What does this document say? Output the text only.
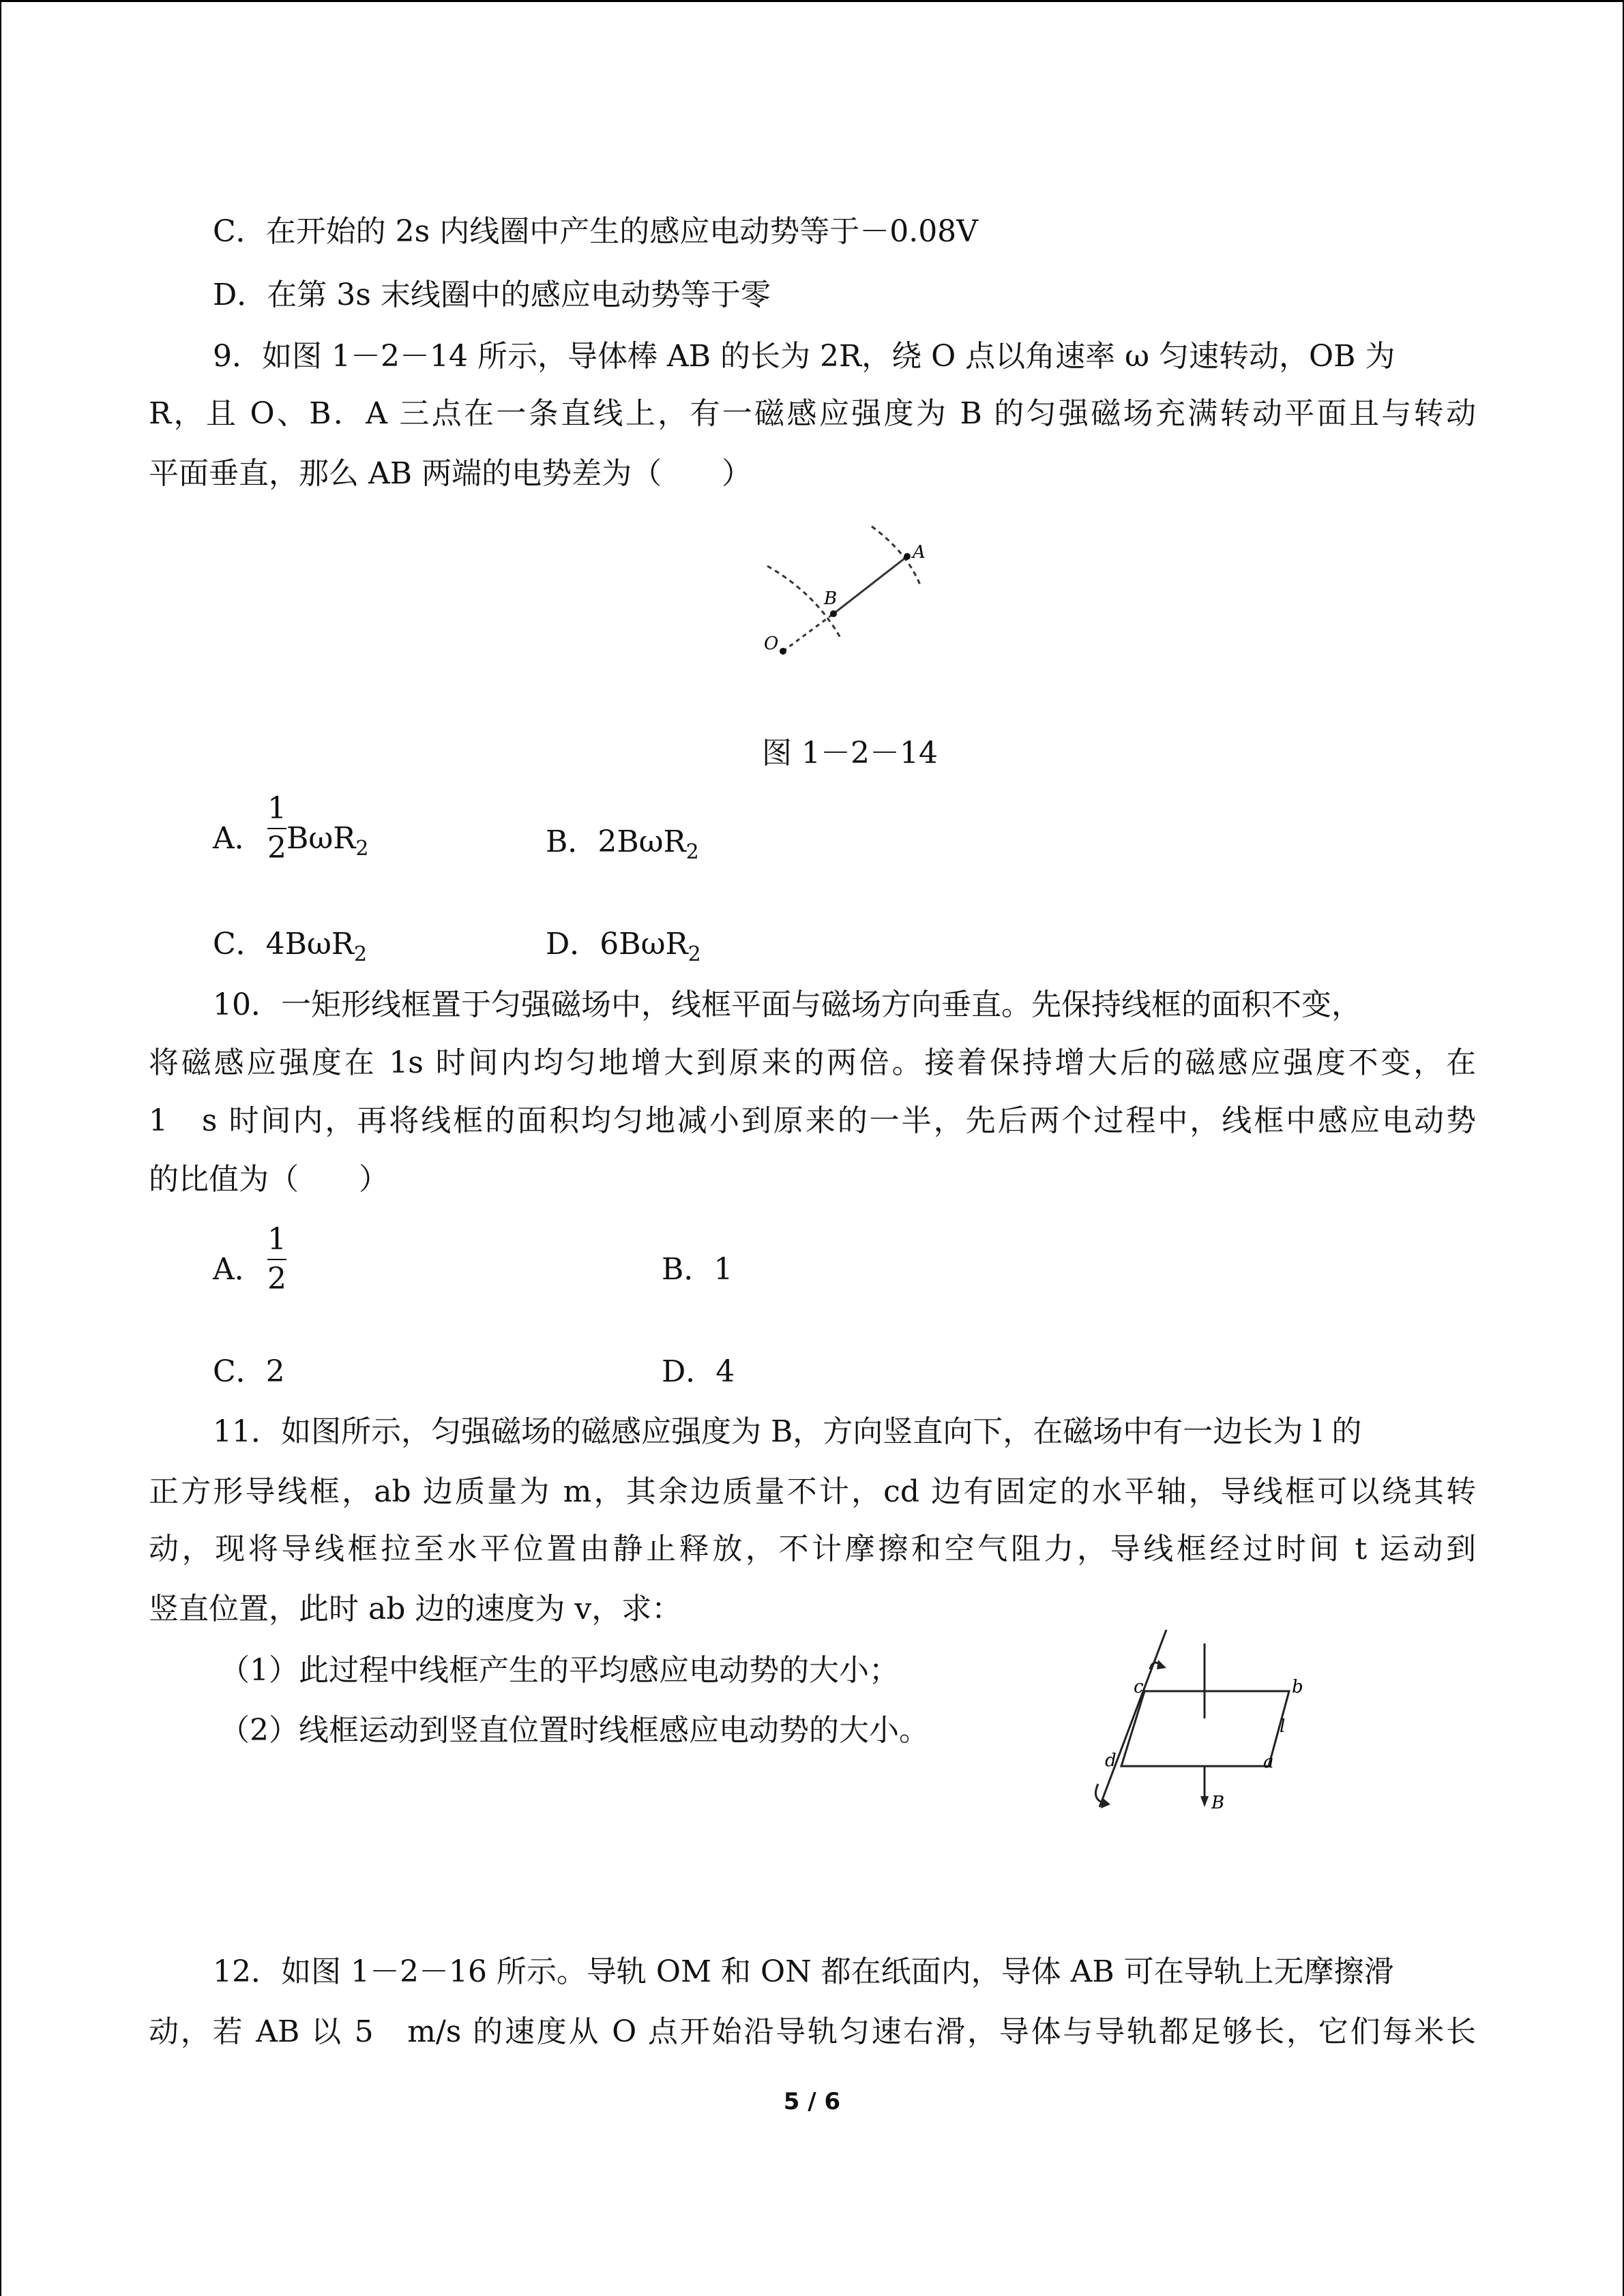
C．在开始的 2s 内线圈中产生的感应电动势等于－0.08V
D．在第 3s 末线圈中的感应电动势等于零
9．如图 1－2－14 所示，导体棒 AB 的长为 2R，绕 O 点以角速率 ω 匀速转动，OB 为
R，且 O、B．A 三点在一条直线上，有一磁感应强度为 B 的匀强磁场充满转动平面且与转动
平面垂直，那么 AB 两端的电势差为（　　）
A
B
O
图 1－2－14
A．
1
2 BωR$_2$	B．2BωR$_2$
C．4BωR$_2$	D．6BωR$_2$
10．一矩形线框置于匀强磁场中，线框平面与磁场方向垂直。先保持线框的面积不变，
将磁感应强度在 1s 时间内均匀地增大到原来的两倍。接着保持增大后的磁感应强度不变，在
1　s 时间内，再将线框的面积均匀地减小到原来的一半，先后两个过程中，线框中感应电动势
的比值为（　　）
A．
1
2	B．1
C．2	D．4
11．如图所示，匀强磁场的磁感应强度为 B，方向竖直向下，在磁场中有一边长为 l 的
正方形导线框，ab 边质量为 m，其余边质量不计，cd 边有固定的水平轴，导线框可以绕其转
动，现将导线框拉至水平位置由静止释放，不计摩擦和空气阻力，导线框经过时间 t 运动到
竖直位置，此时 ab 边的速度为 v，求：
（1）此过程中线框产生的平均感应电动势的大小；
（2）线框运动到竖直位置时线框感应电动势的大小。
c	b
l
d	a
B
12．如图 1－2－16 所示。导轨 OM 和 ON 都在纸面内，导体 AB 可在导轨上无摩擦滑
动，若 AB 以 5　m/s 的速度从 O 点开始沿导轨匀速右滑，导体与导轨都足够长，它们每米长
5 / 6
